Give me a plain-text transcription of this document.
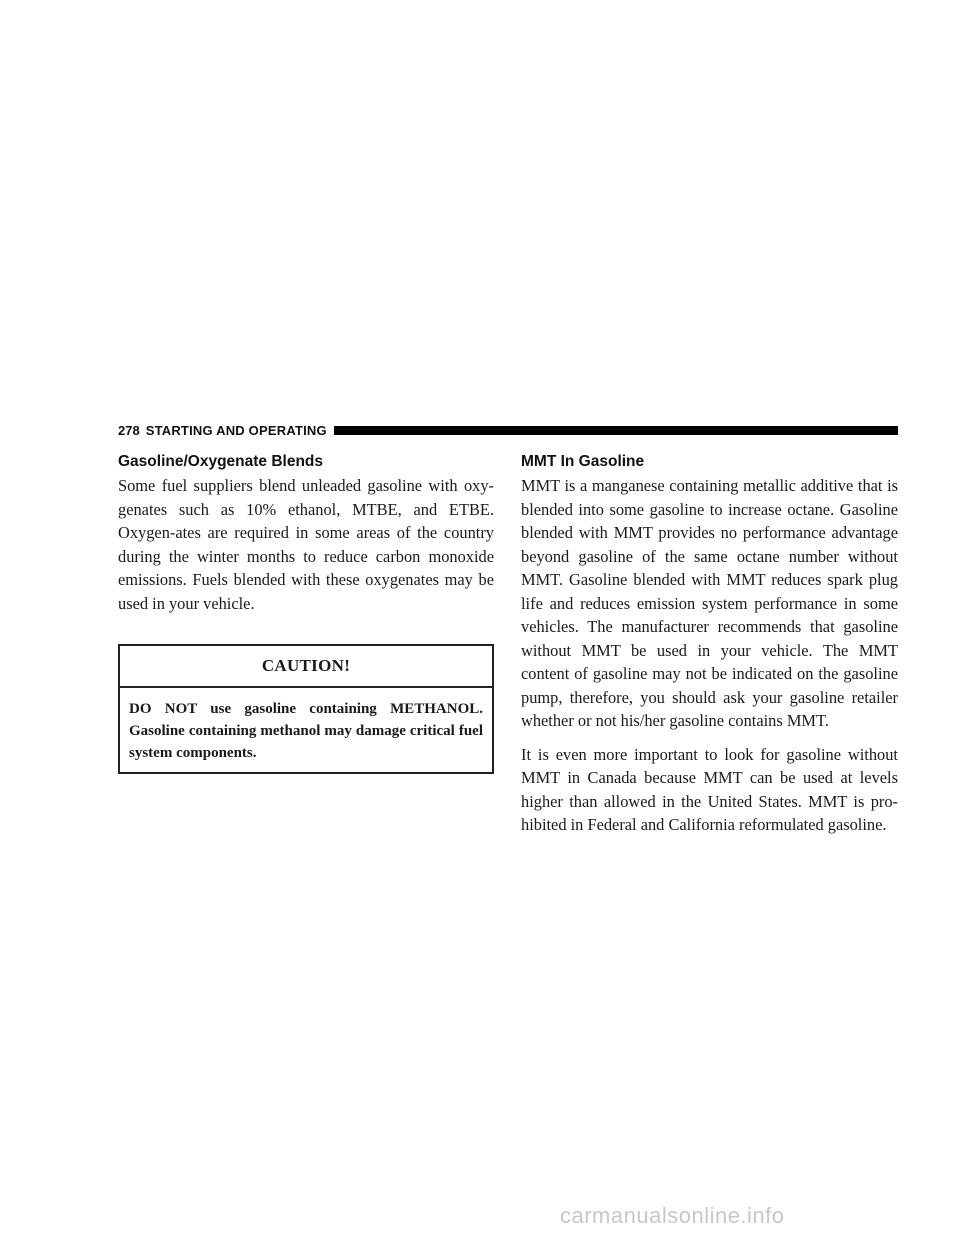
278 STARTING AND OPERATING
Gasoline/Oxygenate Blends

Some fuel suppliers blend unleaded gasoline with oxy-genates such as 10% ethanol, MTBE, and ETBE. Oxygen-ates are required in some areas of the country during the winter months to reduce carbon monoxide emissions. Fuels blended with these oxygenates may be used in your vehicle.

CAUTION!
DO NOT use gasoline containing METHANOL. Gasoline containing methanol may damage critical fuel system components.
MMT In Gasoline

MMT is a manganese containing metallic additive that is blended into some gasoline to increase octane. Gasoline blended with MMT provides no performance advantage beyond gasoline of the same octane number without MMT. Gasoline blended with MMT reduces spark plug life and reduces emission system performance in some vehicles. The manufacturer recommends that gasoline without MMT be used in your vehicle. The MMT content of gasoline may not be indicated on the gasoline pump, therefore, you should ask your gasoline retailer whether or not his/her gasoline contains MMT.

It is even more important to look for gasoline without MMT in Canada because MMT can be used at levels higher than allowed in the United States. MMT is pro-hibited in Federal and California reformulated gasoline.

carmanualsonline.info
